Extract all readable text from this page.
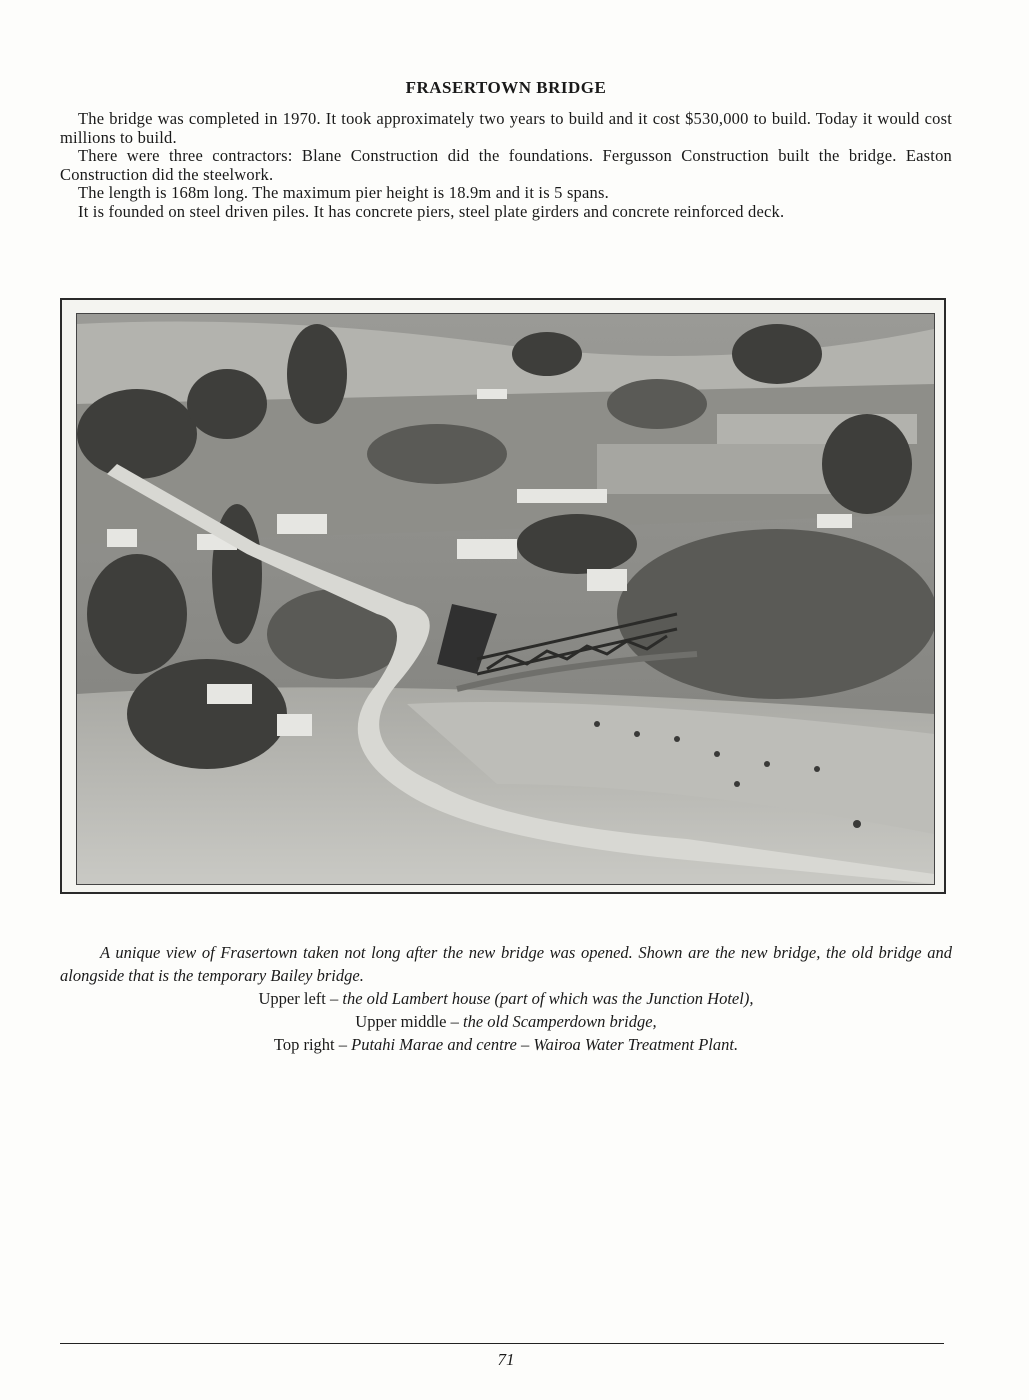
FRASERTOWN BRIDGE

The bridge was completed in 1970. It took approximately two years to build and it cost $530,000 to build. Today it would cost millions to build.

There were three contractors: Blane Construction did the foundations. Fergusson Construction built the bridge. Easton Construction did the steelwork.

The length is 168m long. The maximum pier height is 18.9m and it is 5 spans.

It is founded on steel driven piles. It has concrete piers, steel plate girders and concrete reinforced deck.

A unique view of Frasertown taken not long after the new bridge was opened. Shown are the new bridge, the old bridge and alongside that is the temporary Bailey bridge.

Upper left – the old Lambert house (part of which was the Junction Hotel),

Upper middle – the old Scamperdown bridge,

Top right – Putahi Marae and centre – Wairoa Water Treatment Plant.

71
